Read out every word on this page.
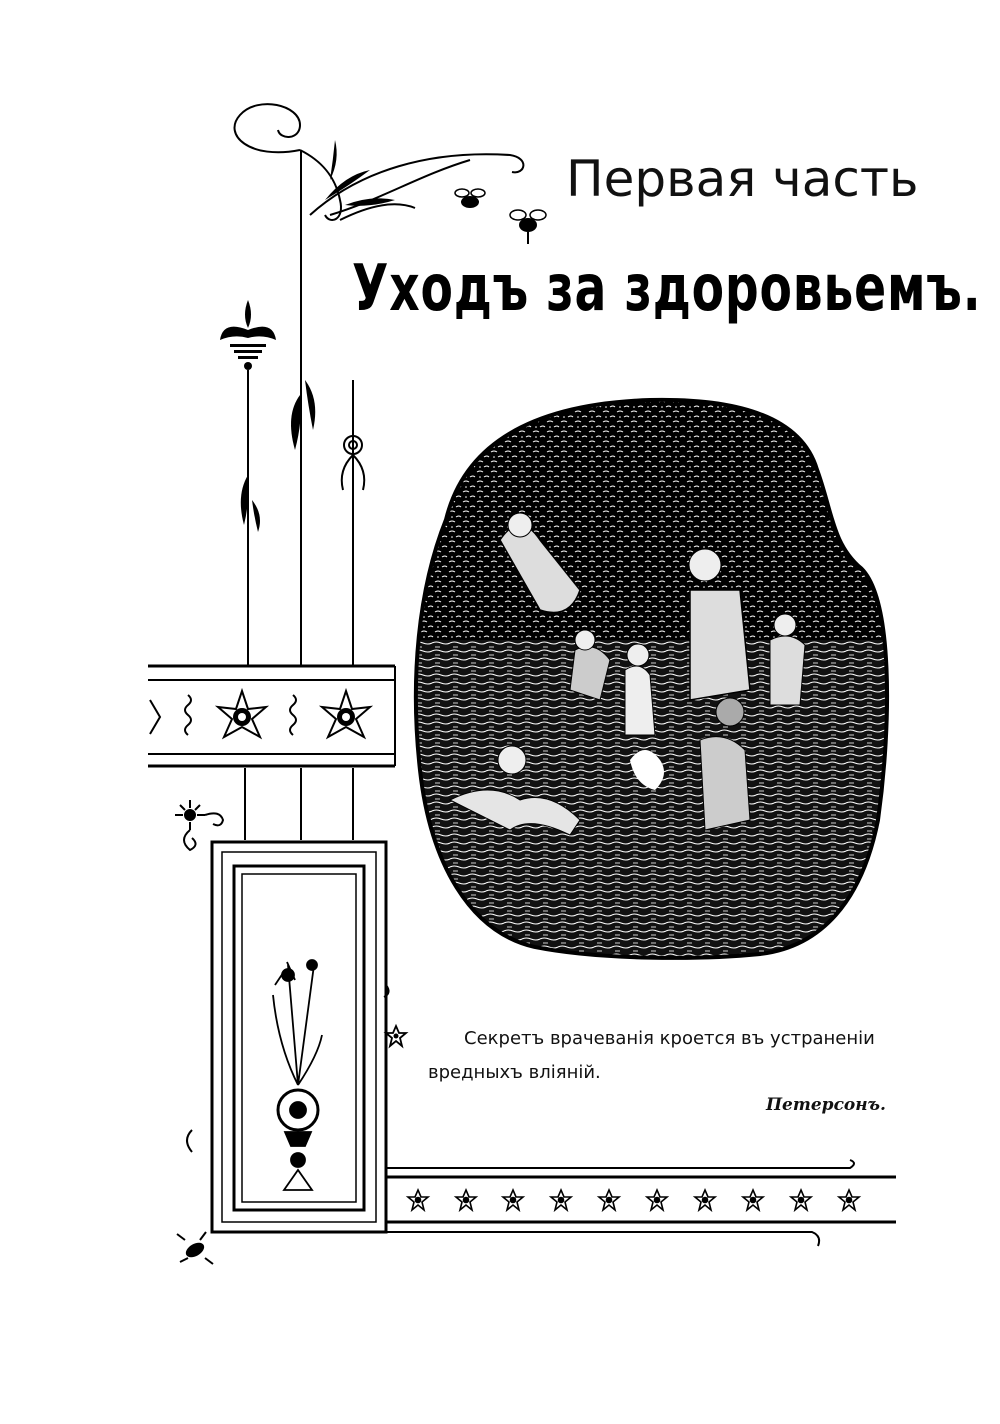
Первая часть
Уходъ за здоровьемъ.
Секретъ врачеванія кроется въ устраненіи
вредныхъ вліяній.
Петерсонъ.
